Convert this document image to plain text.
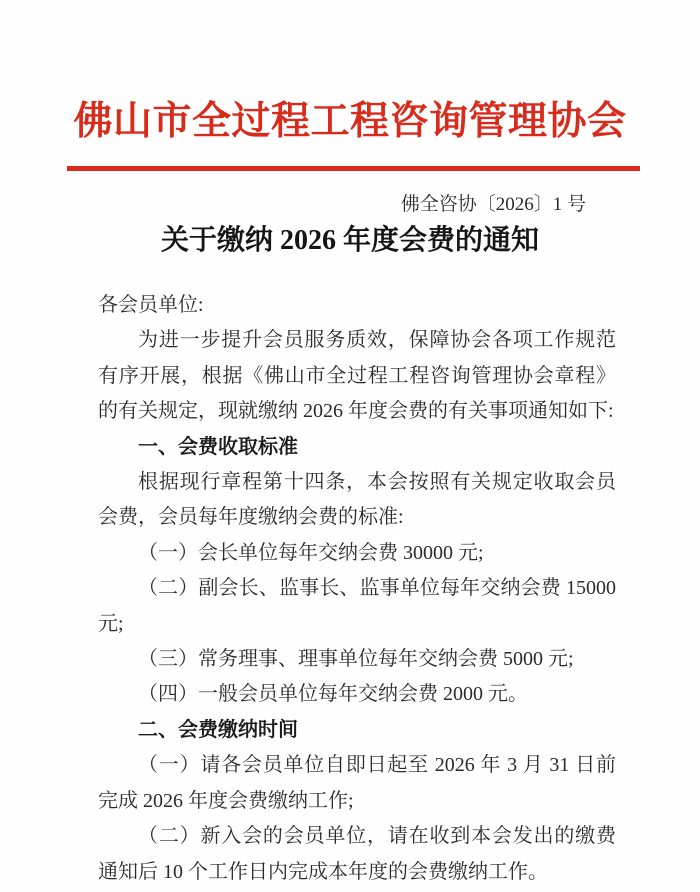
佛山市全过程工程咨询管理协会
佛全咨协〔2026〕1 号
关于缴纳 2026 年度会费的通知

各会员单位:

为进一步提升会员服务质效，保障协会各项工作规范有序开展，根据《佛山市全过程工程咨询管理协会章程》的有关规定，现就缴纳 2026 年度会费的有关事项通知如下:

一、会费收取标准

根据现行章程第十四条，本会按照有关规定收取会员会费，会员每年度缴纳会费的标准:

（一）会长单位每年交纳会费 30000 元;

（二）副会长、监事长、监事单位每年交纳会费 15000 元;

（三）常务理事、理事单位每年交纳会费 5000 元;

（四）一般会员单位每年交纳会费 2000 元。

二、会费缴纳时间

（一）请各会员单位自即日起至 2026 年 3 月 31 日前完成 2026 年度会费缴纳工作;

（二）新入会的会员单位，请在收到本会发出的缴费通知后 10 个工作日内完成本年度的会费缴纳工作。
